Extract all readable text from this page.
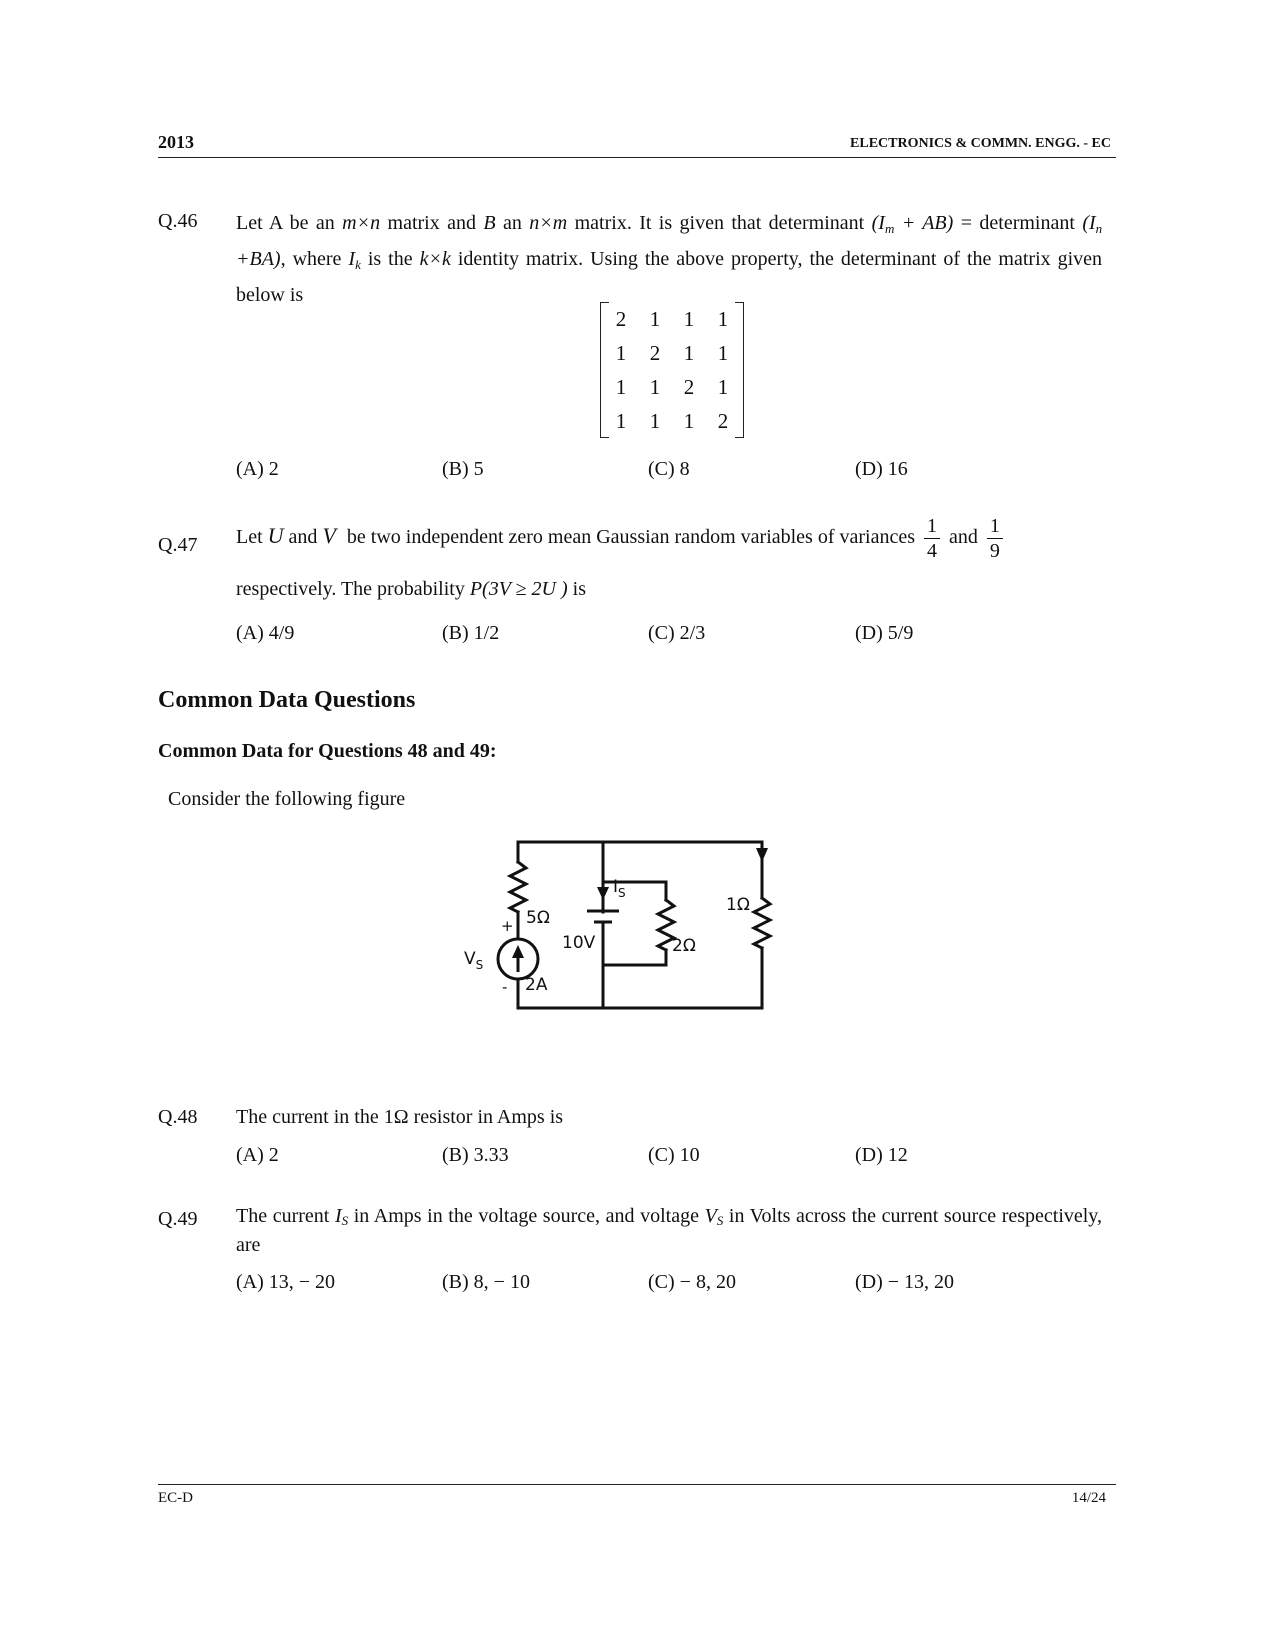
2013	ELECTRONICS & COMMN. ENGG. - EC
Q.46 Let A be an m×n matrix and B an n×m matrix. It is given that determinant $(I_m + AB)$ = determinant $(I_n +BA)$, where $I_k$ is the k×k identity matrix. Using the above property, the determinant of the matrix given below is
2	1	1	1
1	2	1	1
1	1	2	1
1	1	1	2
(A) 2	(B) 5	(C) 8	(D) 16
Q.47 Let U and V be two independent zero mean Gaussian random variables of variances $\frac{1}{4}$ and $\frac{1}{9}$
respectively. The probability P(3V ≥ 2U ) is
(A) 4/9	(B) 1/2	(C) 2/3	(D) 5/9
Common Data Questions
Common Data for Questions 48 and 49:
Consider the following figure
5Ω
+
-
$V_S$
2A
10V
$I_S$
2Ω
1Ω
Q.48 The current in the 1Ω resistor in Amps is
(A) 2	(B) 3.33	(C) 10	(D) 12
Q.49 The current IS in Amps in the voltage source, and voltage VS in Volts across the current source respectively, are
(A) 13, − 20	(B) 8, − 10	(C) − 8, 20	(D) − 13, 20
EC-D	14/24
